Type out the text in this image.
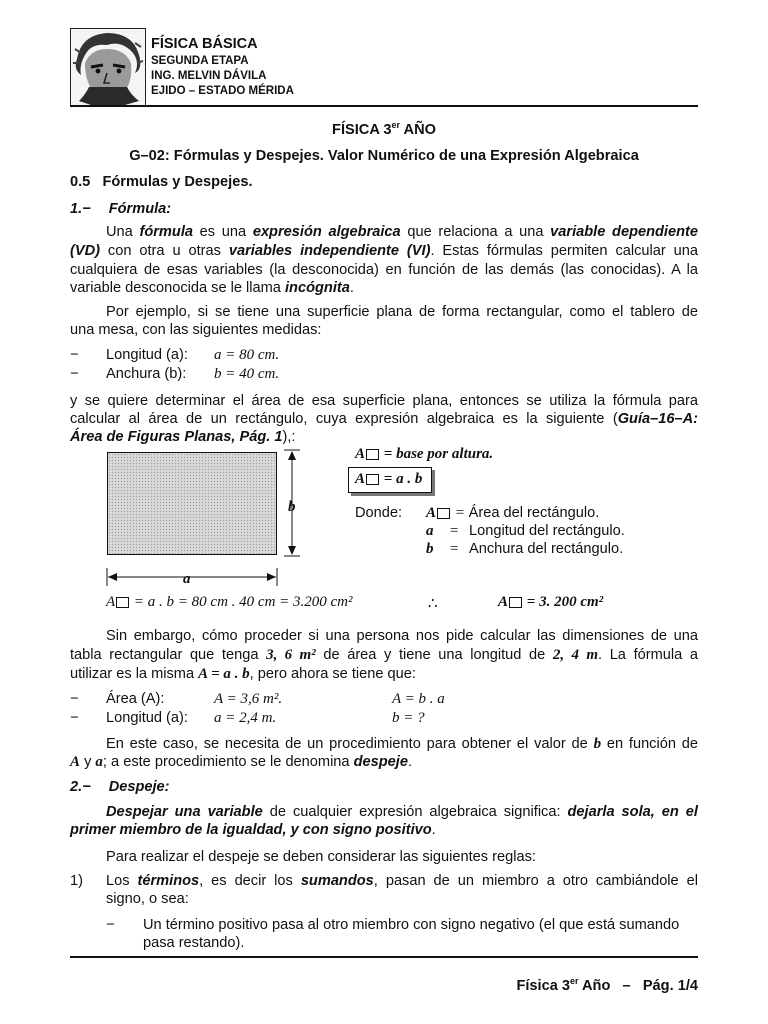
FÍSICA BÁSICA
SEGUNDA ETAPA
ING. MELVIN DÁVILA
EJIDO – ESTADO MÉRIDA
FÍSICA 3er AÑO
G–02: Fórmulas y Despejes. Valor Numérico de una Expresión Algebraica
0.5   Fórmulas y Despejes.
1.− Fórmula:
Una fórmula es una expresión algebraica que relaciona a una variable dependiente
(VD) con otra u otras variables independiente (VI). Estas fórmulas permiten calcular una
cualquiera de esas variables (la desconocida) en función de las demás (las conocidas). A la
variable desconocida se le llama incógnita.
Por ejemplo, si se tiene una superficie plana de forma rectangular, como el tablero de
una mesa, con las siguientes medidas:
− Longitud (a): a = 80 cm.
− Anchura (b): b = 40 cm.
y se quiere determinar el área de esa superficie plana, entonces se utiliza la fórmula para
calcular al área de un rectángulo, cuya expresión algebraica es la siguiente (Guía–16–A:
Área de Figuras Planas, Pág. 1),:
b
a
A = base por altura.
A = a . b
Donde: A = Área del rectángulo.
a=Longitud del rectángulo.
b=Anchura del rectángulo.
A = a . b = 80 cm . 40 cm = 3.200 cm²	∴	A = 3. 200 cm²
Sin embargo, cómo proceder si una persona nos pide calcular las dimensiones de una
tabla rectangular que tenga 3, 6 m² de área y tiene una longitud de 2, 4 m. La fórmula a
utilizar es la misma A = a . b, pero ahora se tiene que:
− Área (A):	A = 3,6 m².	A = b . a
− Longitud (a): a = 2,4 m.	b = ?
En este caso, se necesita de un procedimiento para obtener el valor de b en función de
A y a; a este procedimiento se le denomina despeje.
2.− Despeje:
Despejar una variable de cualquier expresión algebraica significa: dejarla sola, en el
primer miembro de la igualdad, y con signo positivo.
Para realizar el despeje se deben considerar las siguientes reglas:
1) Los términos, es decir los sumandos, pasan de un miembro a otro cambiándole el
signo, o sea:
− Un término positivo pasa al otro miembro con signo negativo (el que está sumando
pasa restando).

Física 3er Año   –   Pág. 1/4
